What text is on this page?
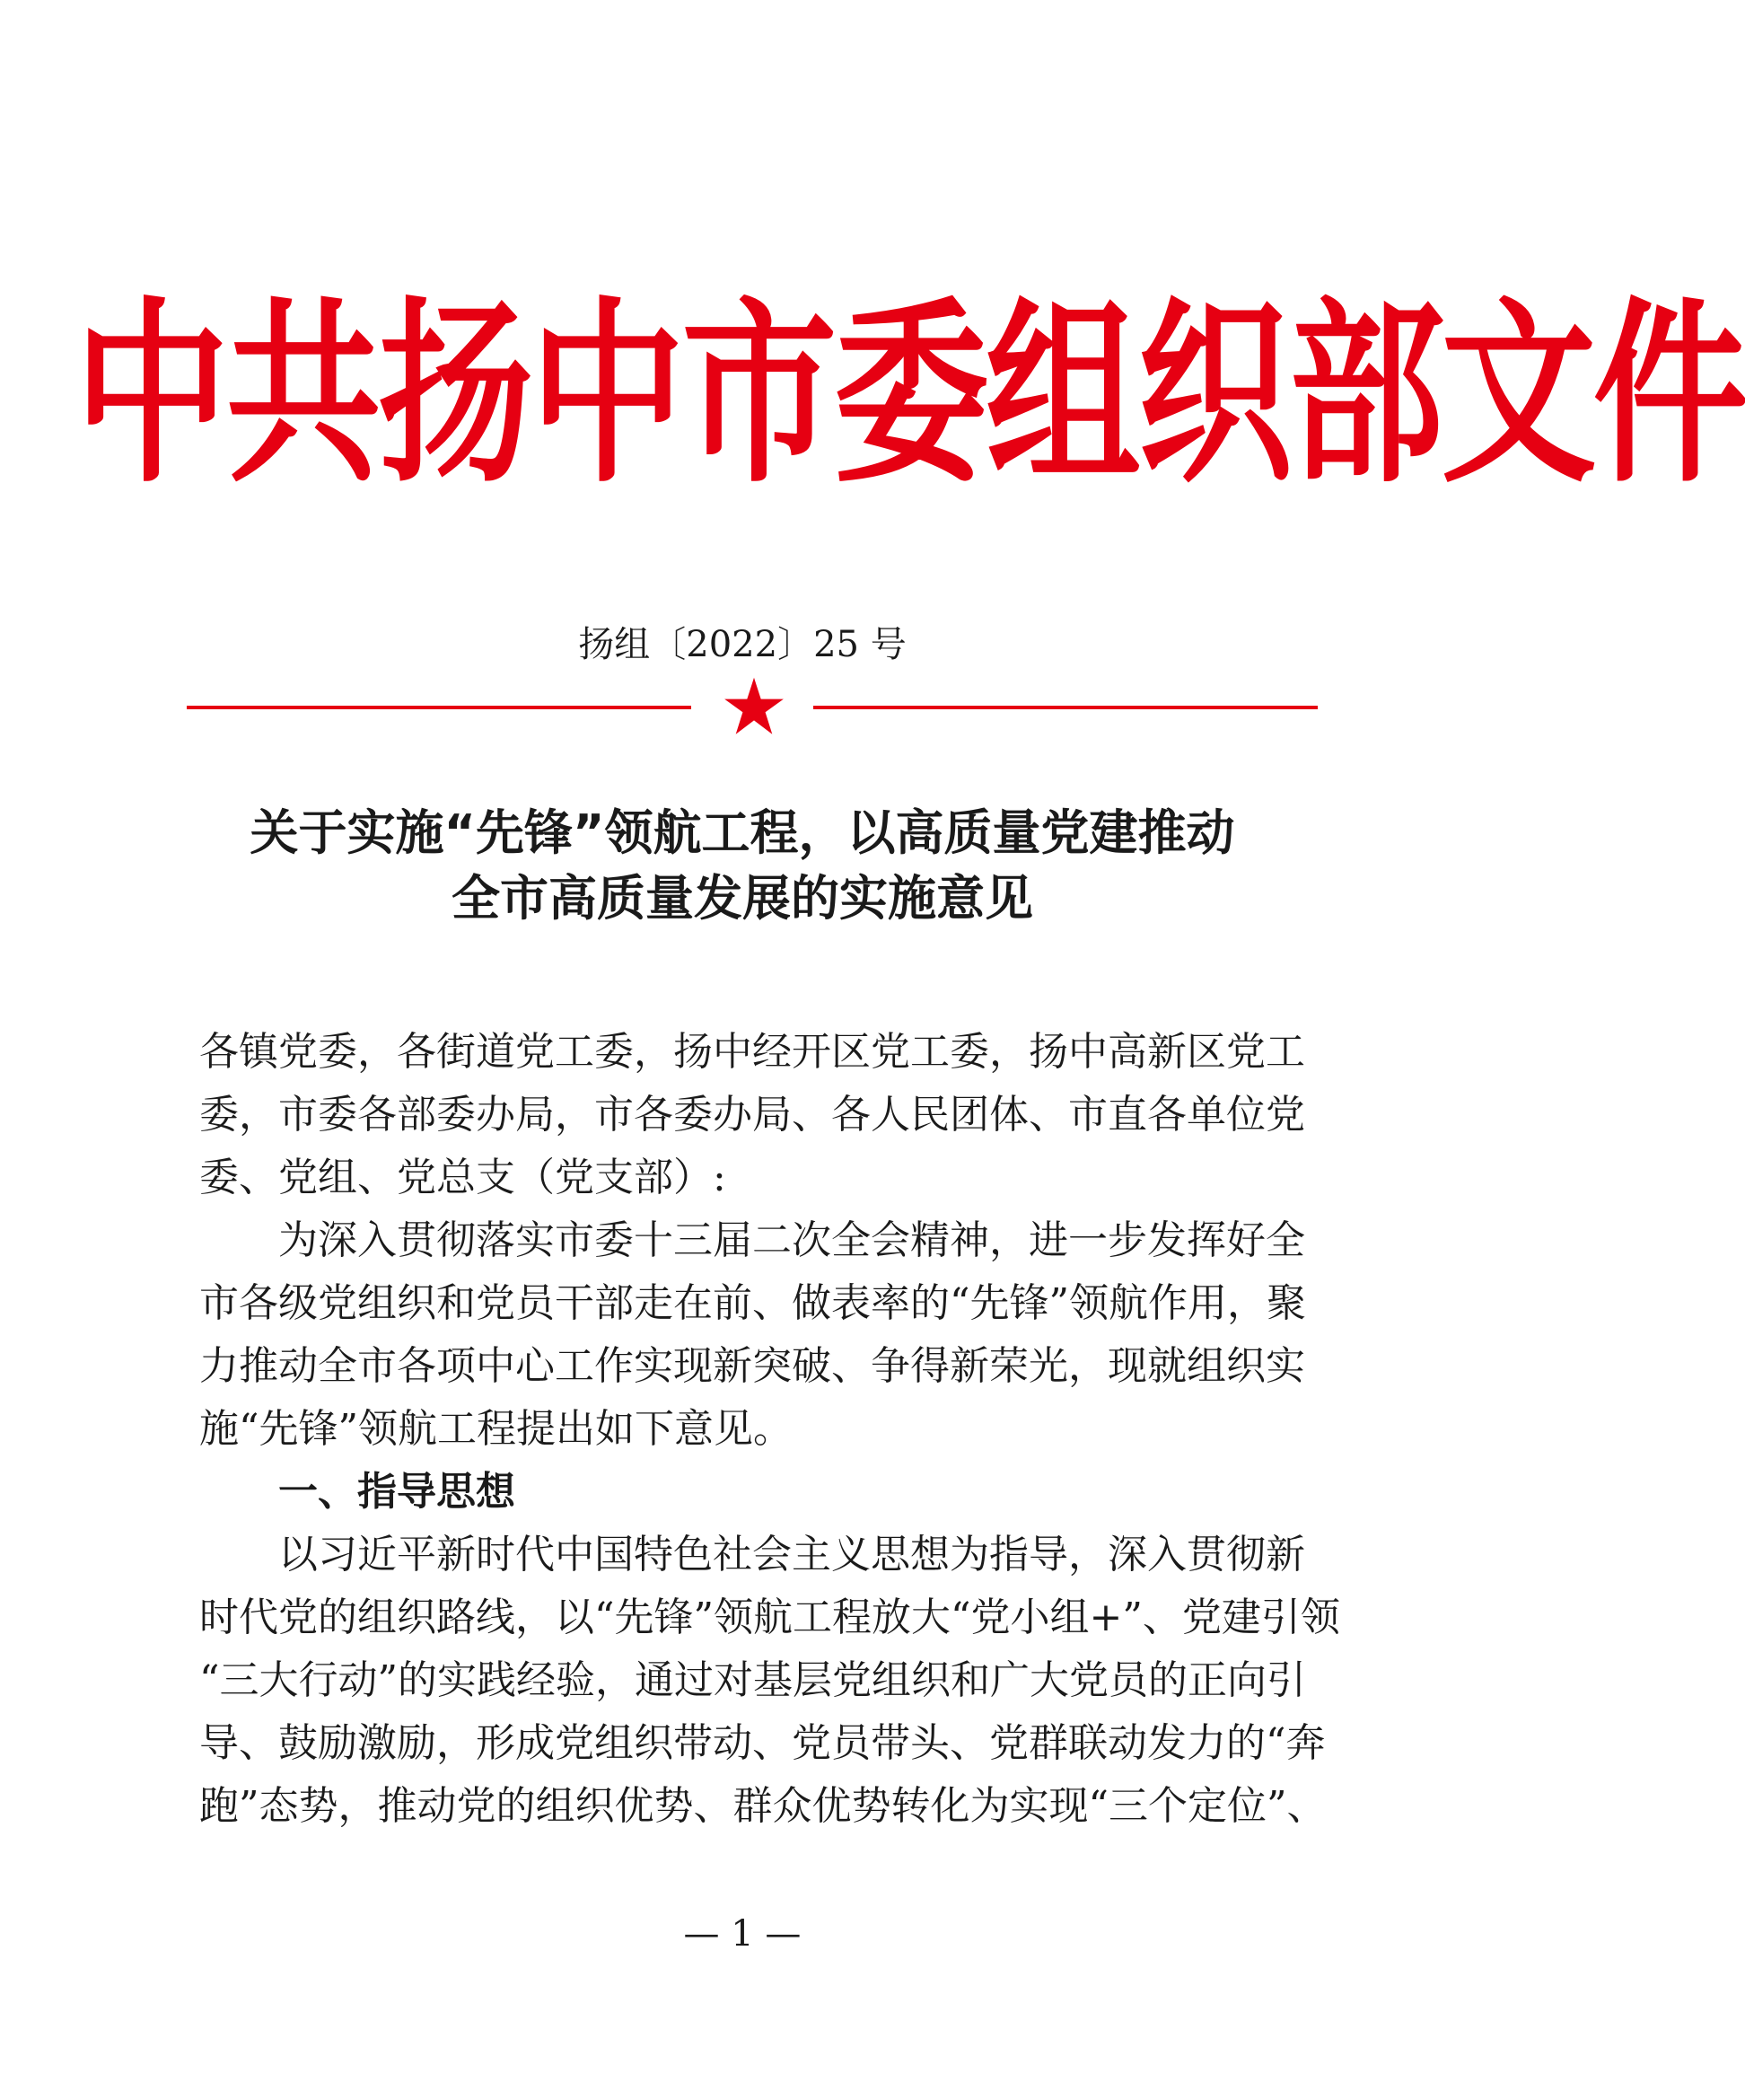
中共扬中市委组织部文件
扬组〔2022〕25 号
关于实施“先锋”领航工程，以高质量党建推动
全市高质量发展的实施意见
各镇党委，各街道党工委，扬中经开区党工委，扬中高新区党工
委，市委各部委办局，市各委办局、各人民团体、市直各单位党
委、党组、党总支（党支部）:
为深入贯彻落实市委十三届二次全会精神，进一步发挥好全
市各级党组织和党员干部走在前、做表率的“先锋”领航作用，聚
力推动全市各项中心工作实现新突破、争得新荣光，现就组织实
施“先锋”领航工程提出如下意见。
一、指导思想
以习近平新时代中国特色社会主义思想为指导，深入贯彻新
时代党的组织路线，以“先锋”领航工程放大“党小组+”、党建引领
“三大行动”的实践经验，通过对基层党组织和广大党员的正向引
导、鼓励激励，形成党组织带动、党员带头、党群联动发力的“奔
跑”态势，推动党的组织优势、群众优势转化为实现“三个定位”、
— 1 —
